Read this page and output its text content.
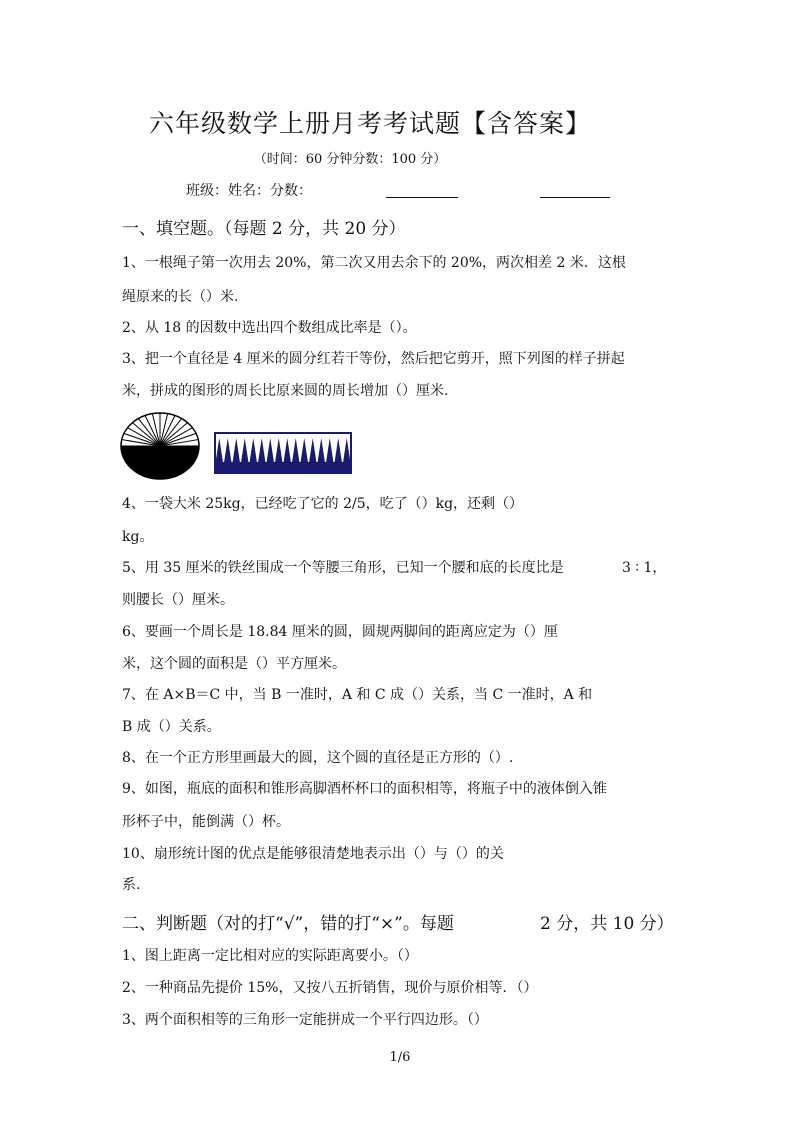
六年级数学上册月考考试题【含答案】
（时间：60 分钟分数：100 分）
班级：姓名：分数：
一、填空题。（每题 2 分，共 20 分）
1、一根绳子第一次用去 20%，第二次又用去余下的 20%，两次相差 2 米．这根
绳原来的长（）米.
2、从 18 的因数中选出四个数组成比率是（）。
3、把一个直径是 4 厘米的圆分红若干等份，然后把它剪开，照下列图的样子拼起
米，拼成的图形的周长比原来圆的周长增加（）厘米.
4、一袋大米 25kg，已经吃了它的 2/5，吃了（）kg，还剩（）
kg。
5、用 35 厘米的铁丝围成一个等腰三角形，已知一个腰和底的长度比是	3 ∶ 1，
则腰长（）厘米。
6、要画一个周长是 18.84 厘米的圆，圆规两脚间的距离应定为（）厘
米，这个圆的面积是（）平方厘米。
7、在 A×B＝C 中，当 B 一准时，A 和 C 成（）关系，当 C 一准时，A 和
B 成（）关系。
8、在一个正方形里画最大的圆，这个圆的直径是正方形的（）.
9、如图，瓶底的面积和锥形高脚酒杯杯口的面积相等，将瓶子中的液体倒入锥
形杯子中，能倒满（）杯。
10、扇形统计图的优点是能够很清楚地表示出（）与（）的关
系.
二、判断题（对的打“√”，错的打“×”。每题	2 分，共 10 分）
1、图上距离一定比相对应的实际距离要小。（）
2、一种商品先提价 15%，又按八五折销售，现价与原价相等．（）
3、两个面积相等的三角形一定能拼成一个平行四边形。（）
1/6
